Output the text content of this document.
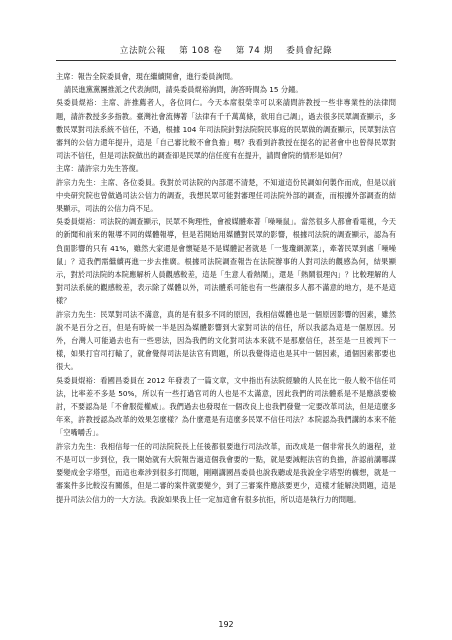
立法院公報 第 108 卷 第 74 期 委員會紀錄

主席：報告全院委員會，現在繼續開會，進行委員詢問。

請民進黨黨團推派之代表詢問，請吳委員焜裕詢問，詢答時間為 15 分鐘。

吳委員焜裕：主席、許推薦者人，各位同仁。今天本席很榮幸可以來請問許教授一些非專業性的法律問題，請許教授多多指教。臺灣社會流傳著「法律有千千萬萬條，欲用自己調」，過去很多民眾調查顯示，多數民眾對司法系統不信任，不過，根據 104 年司法院針對法院院民事庭的民眾做的調查顯示，民眾對法官審判的公信力還年提升，這是「自己審比較不會負擔」嗎？我看到許教授在提名的記者會中也曾得民眾對司法不信任，但是司法院做出的調查卻是民眾的信任度有在提升，請問會院的情形是如何？

主席：請許宗力先生答復。

許宗力先生：主席、各位委員。我對於司法院的內部還不清楚，不知道這份民調如何製作而成，但是以前中央研究院也曾做過司法公信力的調查，我想民眾可能對審理任司法院外部的調查，而根據外部調查的結果顯示，司法的公信力尚不足。

吳委員焜裕：司法院的調查顯示，民眾不夠理性，會被媒體牽著「噪噪鼠」。當然很多人都會看電視，今天的新聞和前來的報導不同的媒體報導，但是若開始用媒體對民眾的影響，根據司法院的調查顯示，認為有負面影響的只有 41%，雖然大家還是會懷疑是不是媒體記者就是「一隻瓊網源菜」，牽著民眾到處「噪噪鼠」？這我們需繼續再進一步去推廣。根據司法院調查報告在法院辦事的人對司法的觀感為何，結果顯示，對於司法院的本院應解析人員觀感較差，這是「生意人看熱鬧」，還是「熱鬧很理內」？比較理解的人對司法系統的觀感較差，表示除了媒體以外，司法體系可能也有一些讓很多人都不滿意的地方，是不是這樣？

許宗力先生：民眾對司法不滿意，真的是有很多不同的原因，我相信媒體也是一個原因影響的因素，雖然說不是百分之百，但是有時候一半是因為媒體影響到大家對司法的信任，所以我認為這是一個原因。另外，台灣人可能過去也有一些惡法，因為我們的文化對司法本來就不是那麼信任，甚至是一旦被判下一樣，如果打官司打輸了，就會覺得司法是法官有問題，所以我覺得這也是其中一個因素，通個因素都要也很大。

吳委員焜裕：看國昌委員在 2012 年發表了一篇文章，文中指出有法院經驗的人民在比一般人較不信任司法，比率差不多是 50%，所以有一些打過官司的人也是不太滿意，因此我們的司法體系是不是應該要檢討，不要認為是「不會服從權威」。我們過去也發現在一個改良上也我們發覺一定要改革司法，但是這麼多年來，許教授認為改革的效果怎麼樣？為什麼還是有這麼多民眾不信任司法？本院認為我們講的本來不能「空嘴嚼舌」。

許宗力先生：我相信每一任的司法院院長上任後都很要進行司法改革，而改成是一個非常長久的過程，並不是可以一步到位，我一開始就有大院報告過這個我會要的一點，就是要減輕法官的負擔，許認前講哪謀要變成金字塔型，而這也牽涉到很多打問題，剛剛講國昌委員也說我聽或是我說金字塔型的構想，就是一審案件多比較沒有關係，但是二審的案件就要變少，到了三審案件應該要更少，這樣才能解決問題，這是提升司法公信力的一大方法。我說如果我上任一定加這會有很多抗拒，所以這是執行力的問題。

192
